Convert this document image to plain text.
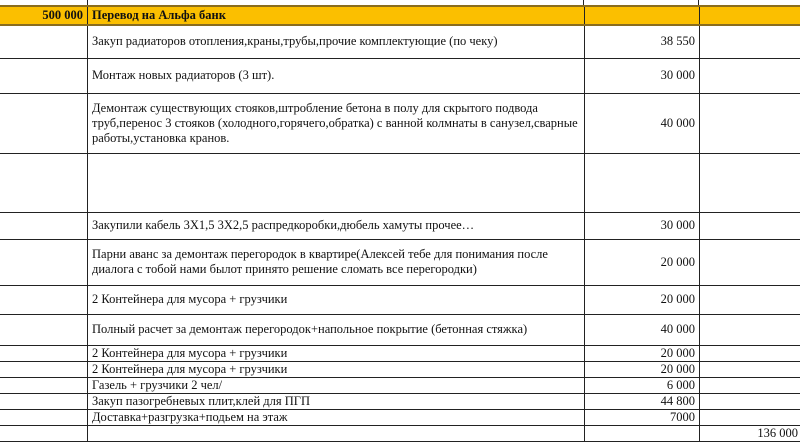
500 000	Перевод на Альфа банк		
	Закуп радиаторов отопления,краны,трубы,прочие комплектующие (по чеку)	38 550	
	Монтаж новых радиаторов (3 шт).	30 000	
	Демонтаж существующих стояков,штробление бетона в полу для скрытого подвода труб,перенос 3 стояков (холодного,горячего,обратка) с ванной колмнаты в санузел,сварные работы,установка кранов.	40 000	

	Закупили кабель 3Х1,5 3Х2,5 распредкоробки,дюбель хамуты прочее…	30 000	
	Парни аванс за демонтаж перегородок в квартире(Алексей тебе для понимания после диалога с тобой нами былот принято решение сломать все перегородки)	20 000	
	2 Контейнера для мусора + грузчики	20 000	
	Полный расчет за демонтаж перегородок+напольное покрытие (бетонная стяжка)	40 000	
	2 Контейнера для мусора + грузчики	20 000	
	2 Контейнера для мусора + грузчики	20 000	
	Газель + грузчики 2 чел/	6 000	
	Закуп пазогребневых плит,клей для ПГП	44 800	
	Доставка+разгрузка+подьем на этаж	7000	
			136 000
